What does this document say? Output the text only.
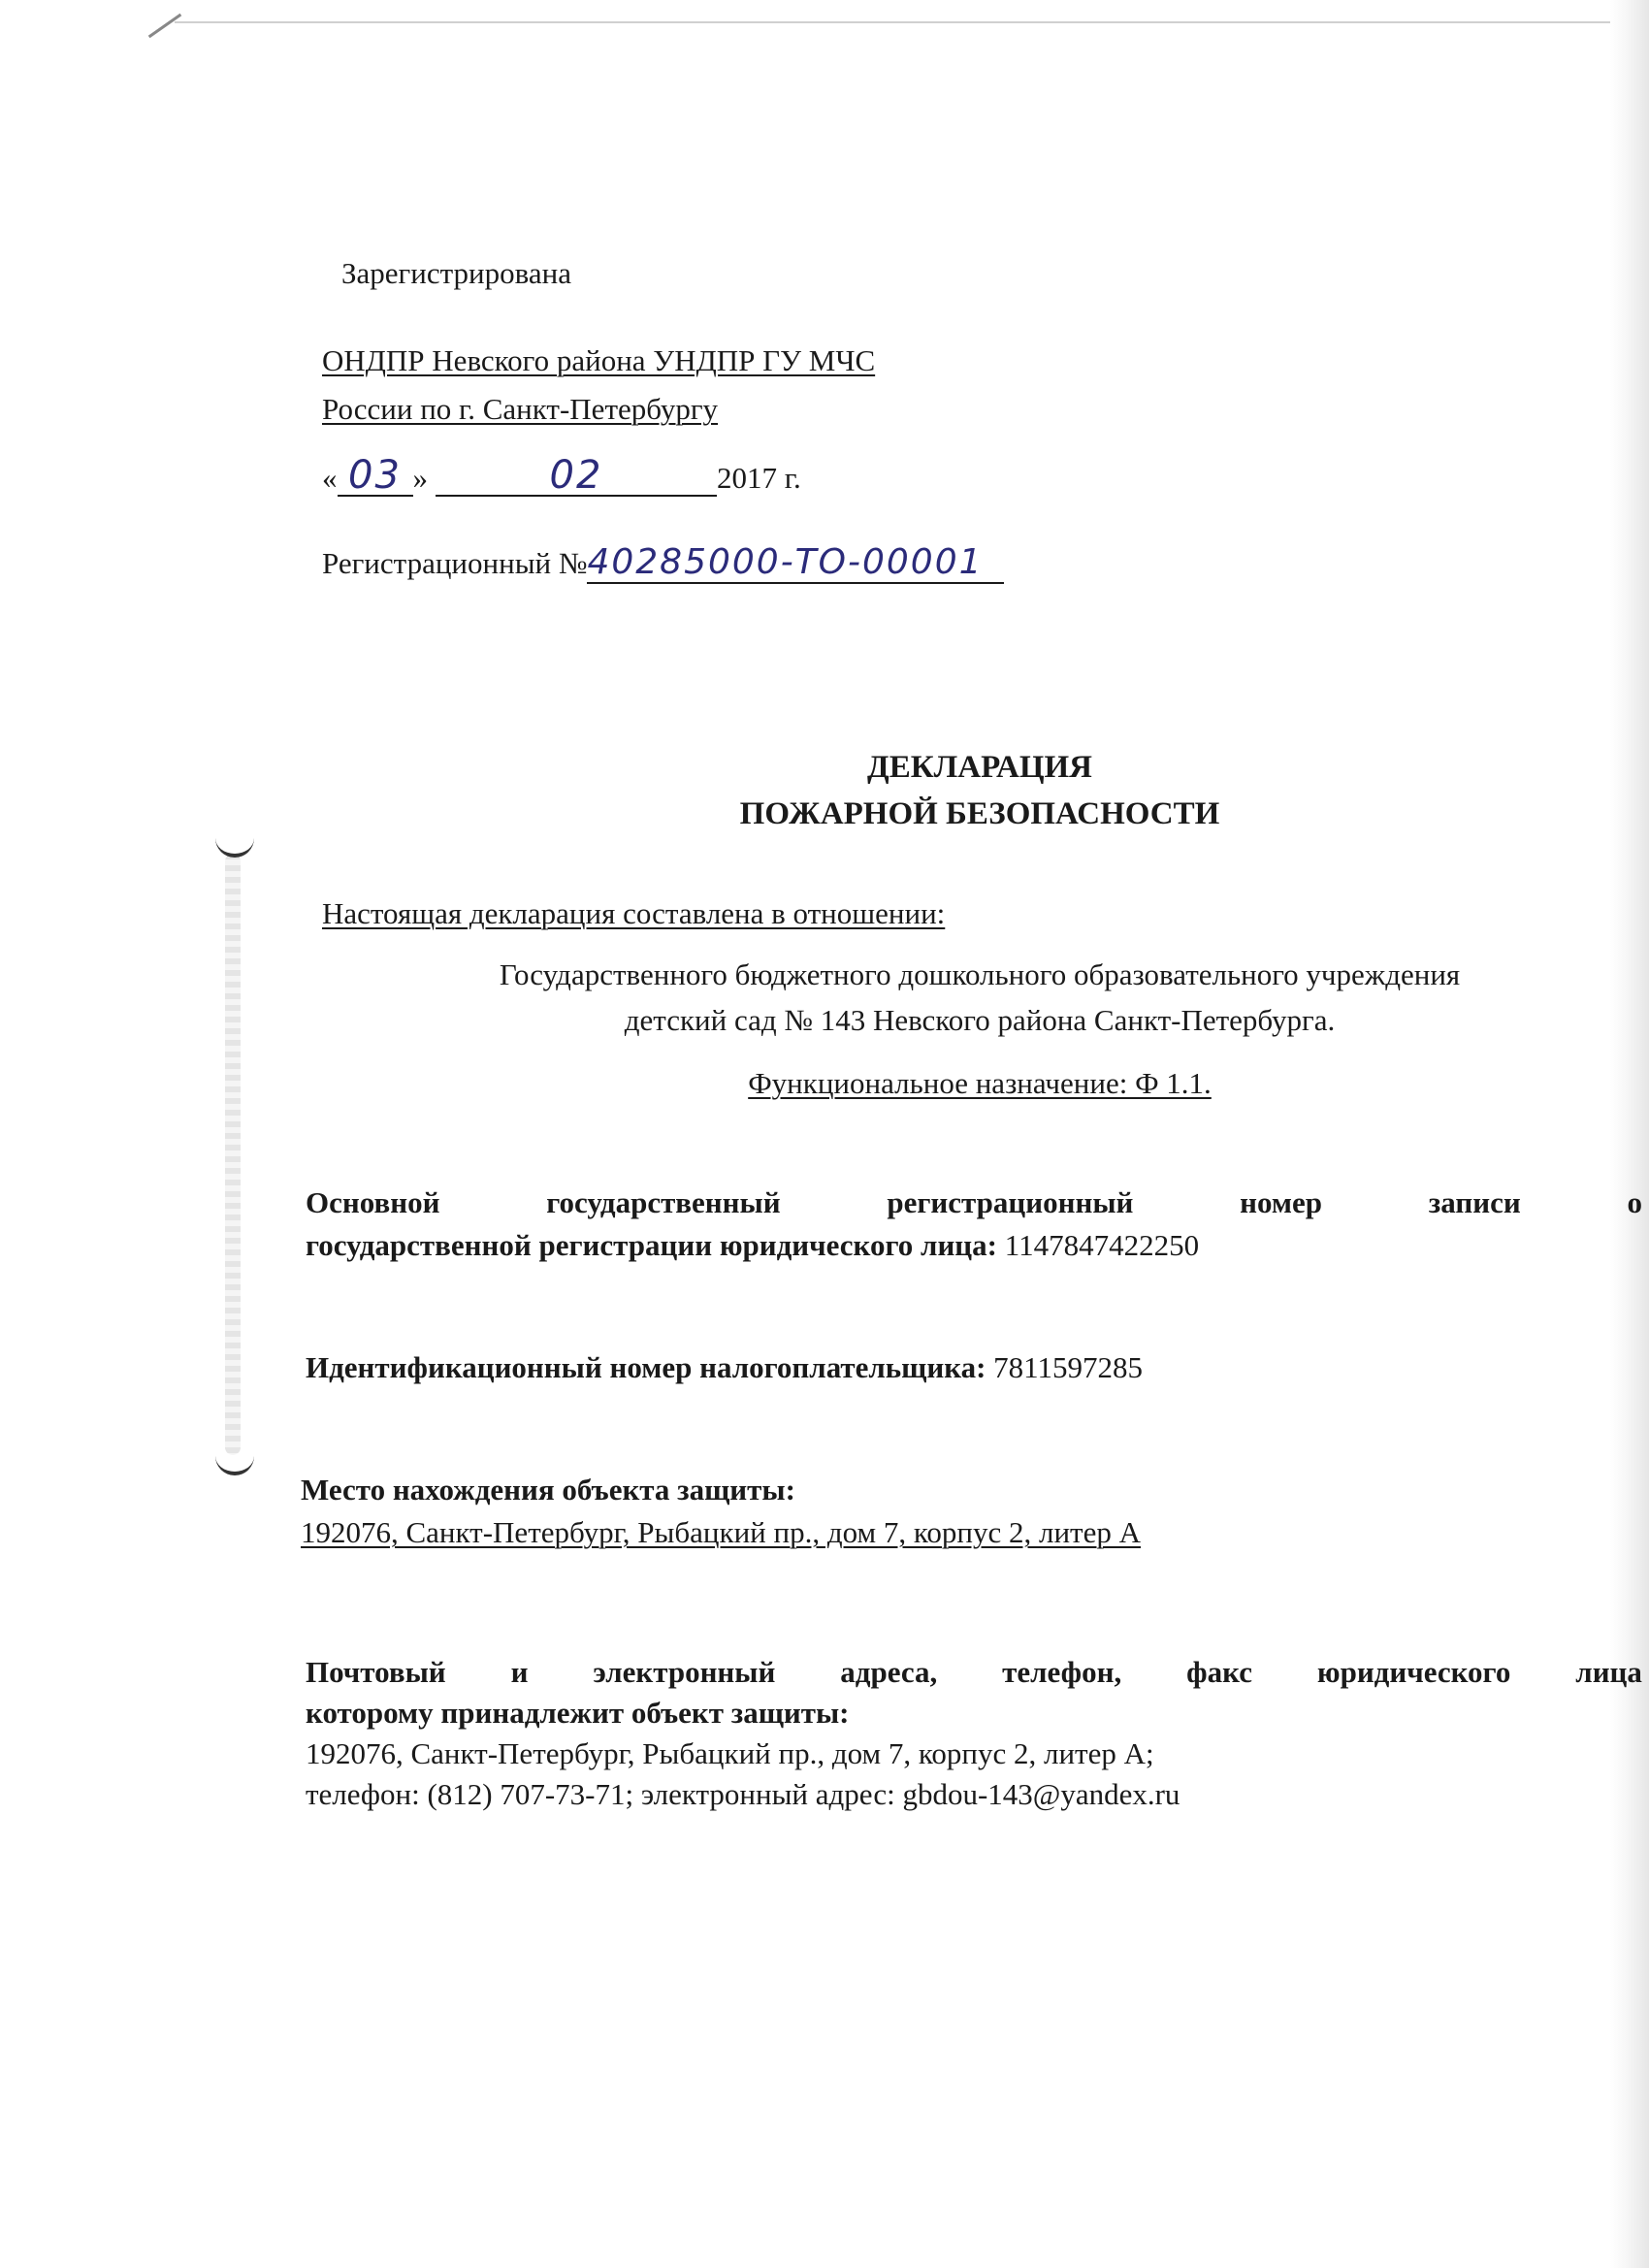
Зарегистрирована
ОНДПР Невского района УНДПР ГУ МЧС
России по г. Санкт-Петербургу
« 03 »	02	2017 г.
Регистрационный №40285000-ТО-00001
ДЕКЛАРАЦИЯ
ПОЖАРНОЙ БЕЗОПАСНОСТИ
Настоящая декларация составлена в отношении:
Государственного бюджетного дошкольного образовательного учреждения
детский сад № 143 Невского района Санкт-Петербурга.
Функциональное назначение: Ф 1.1.
Основной	государственный	регистрационный	номер	записи	о
государственной регистрации юридического лица: 1147847422250
Идентификационный номер налогоплательщика: 7811597285
Место нахождения объекта защиты:
192076, Санкт-Петербург, Рыбацкий пр., дом 7, корпус 2, литер А
Почтовый и электронный адреса, телефон, факс юридического лица
которому принадлежит объект защиты:
192076, Санкт-Петербург, Рыбацкий пр., дом 7, корпус 2, литер А;
телефон: (812) 707-73-71; электронный адрес: gbdou-143@yandex.ru
